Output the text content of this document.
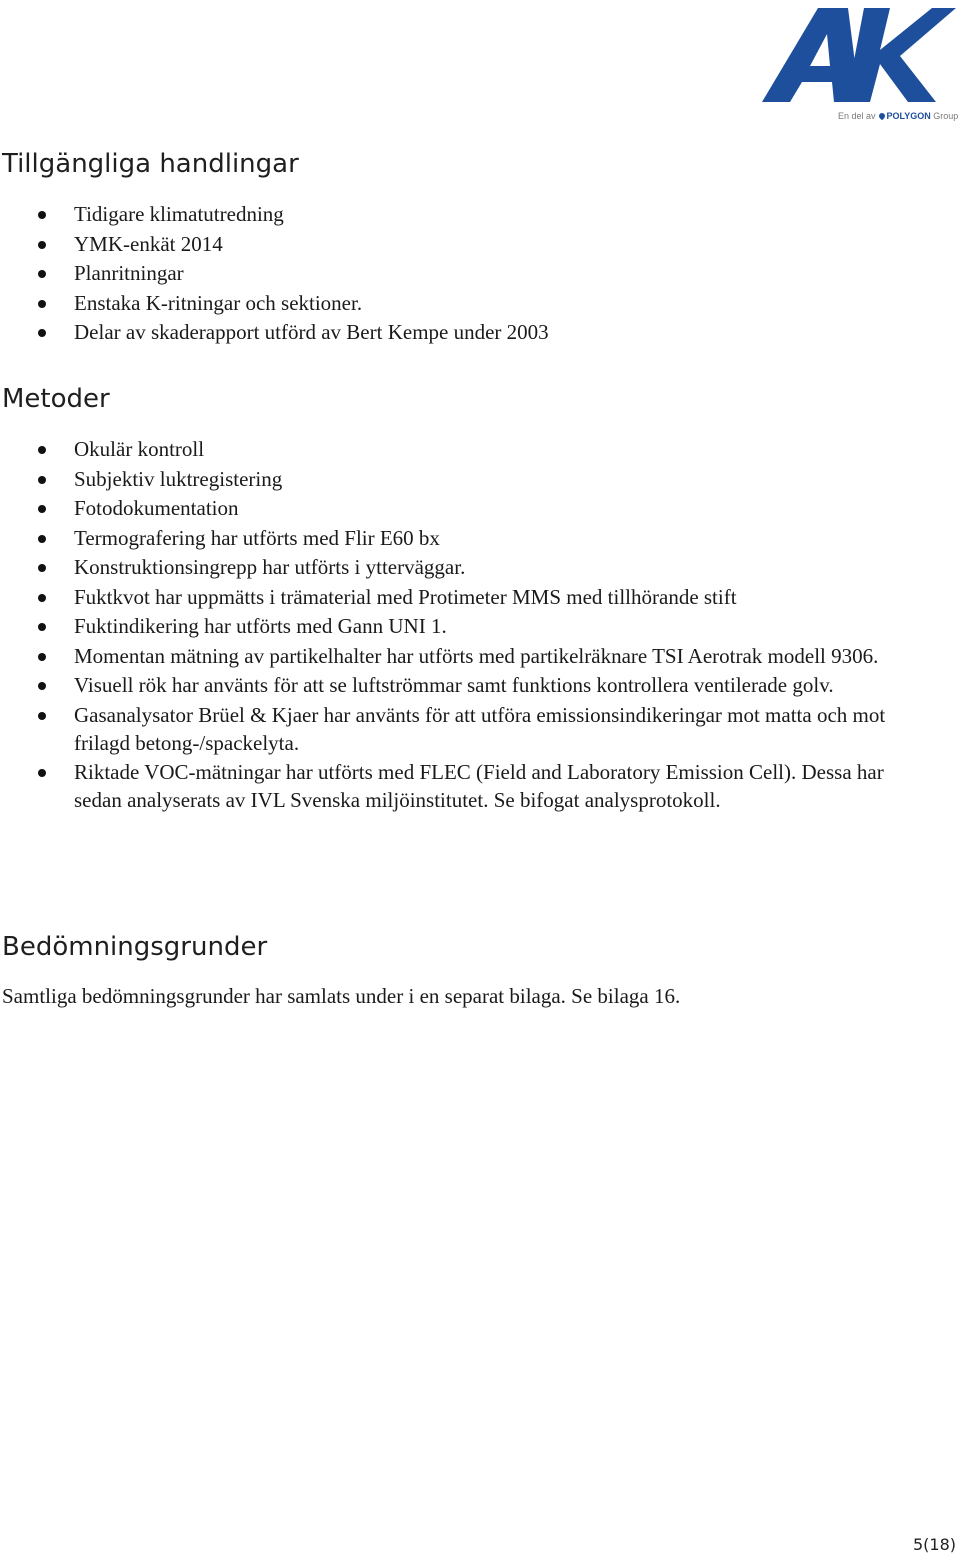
En del av POLYGON Group
Tillgängliga handlingar
Tidigare klimatutredning
YMK-enkät 2014
Planritningar
Enstaka K-ritningar och sektioner.
Delar av skaderapport utförd av Bert Kempe under 2003
Metoder
Okulär kontroll
Subjektiv luktregistering
Fotodokumentation
Termografering har utförts med Flir E60 bx
Konstruktionsingrepp har utförts i ytterväggar.
Fuktkvot har uppmätts i trämaterial med Protimeter MMS med tillhörande stift
Fuktindikering har utförts med Gann UNI 1.
Momentan mätning av partikelhalter har utförts med partikelräknare TSI Aerotrak modell 9306.
Visuell rök har använts för att se luftströmmar samt funktions kontrollera ventilerade golv.
Gasanalysator Brüel & Kjaer har använts för att utföra emissionsindikeringar mot matta och mot frilagd betong-/spackelyta.
Riktade VOC-mätningar har utförts med FLEC (Field and Laboratory Emission Cell). Dessa har sedan analyserats av IVL Svenska miljöinstitutet. Se bifogat analysprotokoll.
Bedömningsgrunder

Samtliga bedömningsgrunder har samlats under i en separat bilaga. Se bilaga 16.

5(18)
